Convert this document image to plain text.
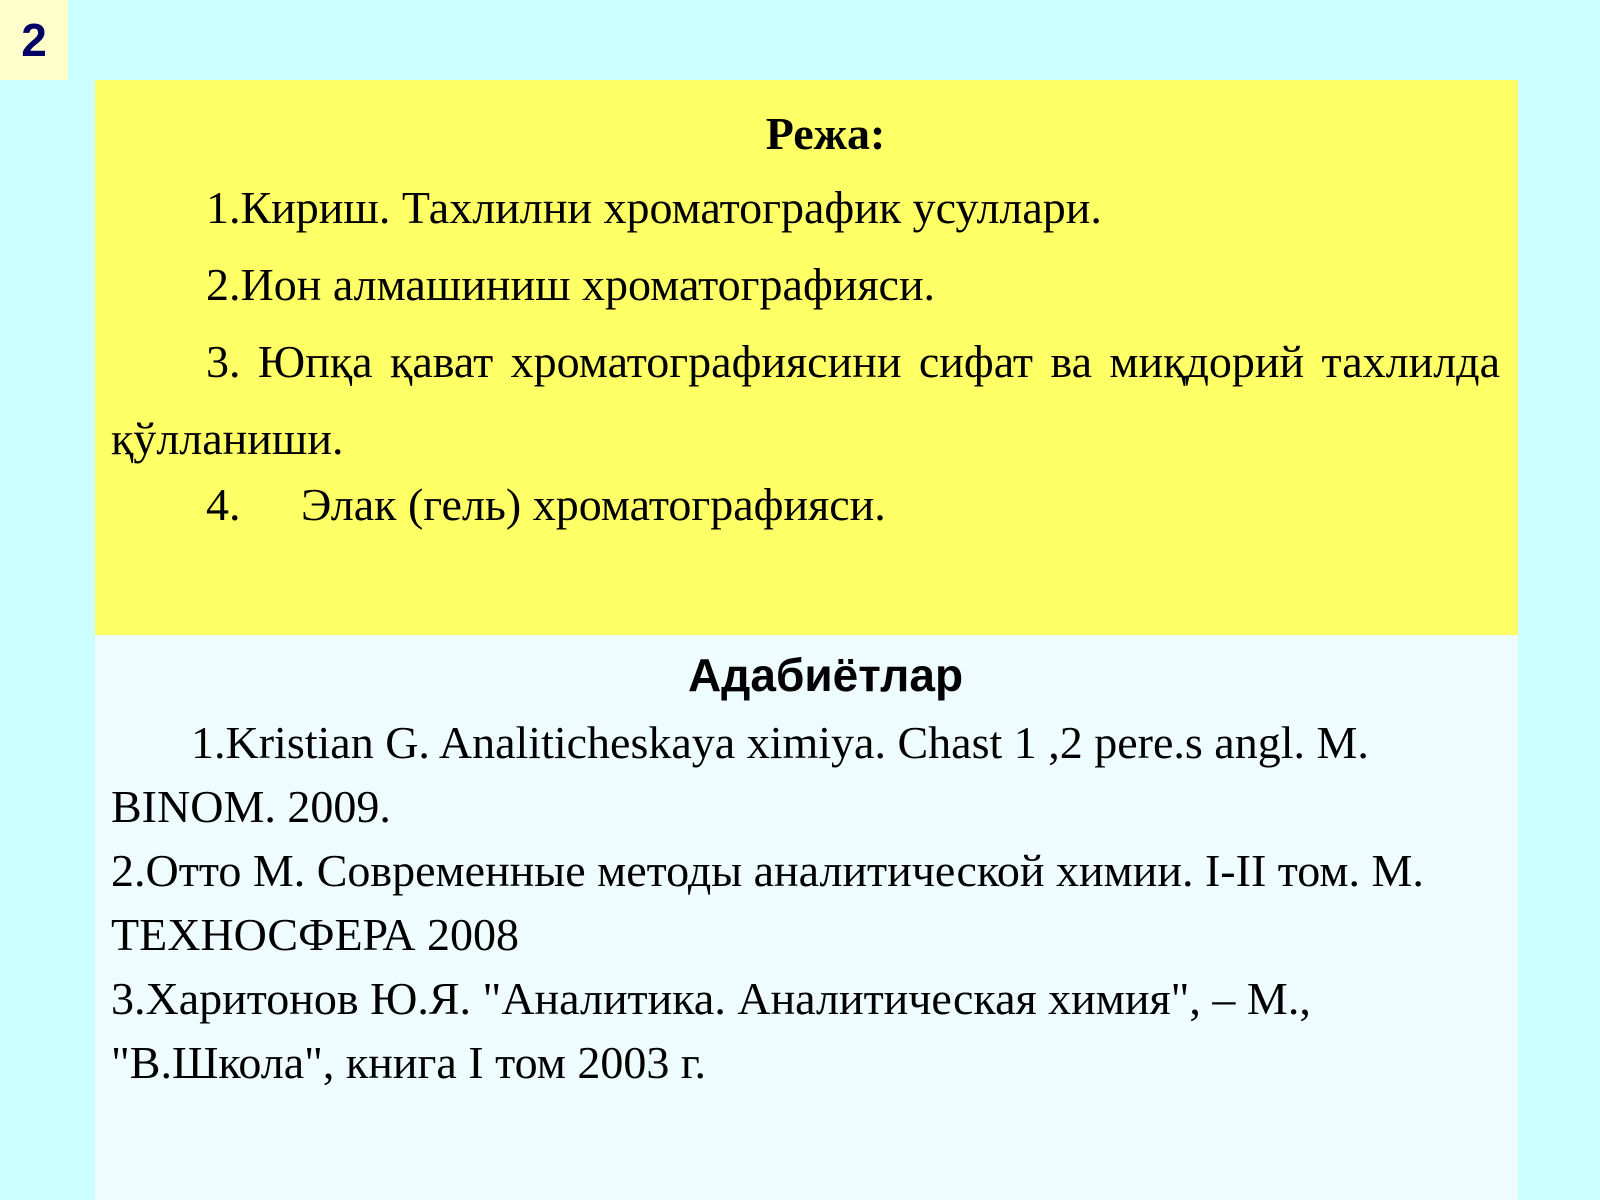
2
Режа:
1.Кириш. Тахлилни хроматографик усуллари.
2.Ион алмашиниш хроматографияси.
3. Юпқа қават хроматографиясини сифат ва миқдорий тахлилда қўлланиши.
4. Элак (гель) хроматографияси.
Адабиётлар
1.Kristian G. Analiticheskaya ximiya. Chast 1 ,2 pere.s angl. M. BINOM. 2009.
2.Отто М. Современные методы аналитической химии. I-II том. М. ТЕХНОСФЕРА 2008
3.Харитонов Ю.Я. "Аналитика. Аналитическая химия", – М., "В.Школа", книга I том 2003 г.
